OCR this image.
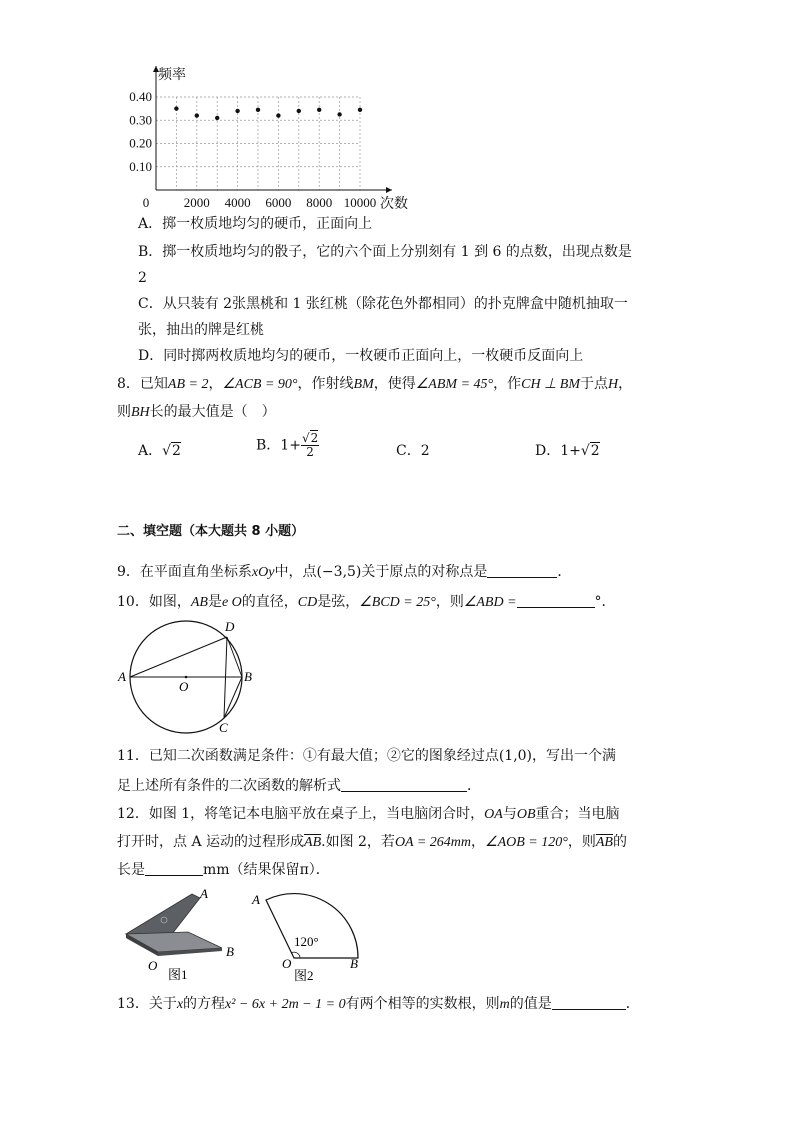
0.10
0.20
0.30
0.40
0	2000 4000 6000 8000 10000
频率
次数
A．掷一枚质地均匀的硬币，正面向上
B．掷一枚质地均匀的骰子，它的六个面上分别刻有 1 到 6 的点数，出现点数是
2
C．从只装有 2张黑桃和 1 张红桃（除花色外都相同）的扑克牌盒中随机抽取一
张，抽出的牌是红桃
D．同时掷两枚质地均匀的硬币，一枚硬币正面向上，一枚硬币反面向上
8．已知AB = 2，∠ACB = 90°，作射线BM，使得∠ABM = 45°，作CH ⊥ BM于点H，
则BH长的最大值是（　）
A．√2	B．$1+ \frac{√2}{2}$	C．2	D．1+√2
二、填空题（本大题共 8 小题）
9．在平面直角坐标系xOy中，点(−3,5)关于原点的对称点是	．
10．如图，AB是e O的直径，CD是弦，∠BCD = 25°，则∠ABD =	°．
A	B
O
D
C
11．已知二次函数满足条件：①有最大值；②它的图象经过点(1,0)，写出一个满
足上述所有条件的二次函数的解析式	．
12．如图 1，将笔记本电脑平放在桌子上，当电脑闭合时，OA与OB重合；当电脑
打开时，点 A 运动的过程形成$\overline{AB}$.如图 2，若OA = 264mm，∠AOB = 120°，则$\overline{AB}$的
长是	mm（结果保留π）．
A
B
O
图1
120°
A
O	B
图2
13．关于x的方程x² − 6x + 2m − 1 = 0有两个相等的实数根，则m的值是	．
